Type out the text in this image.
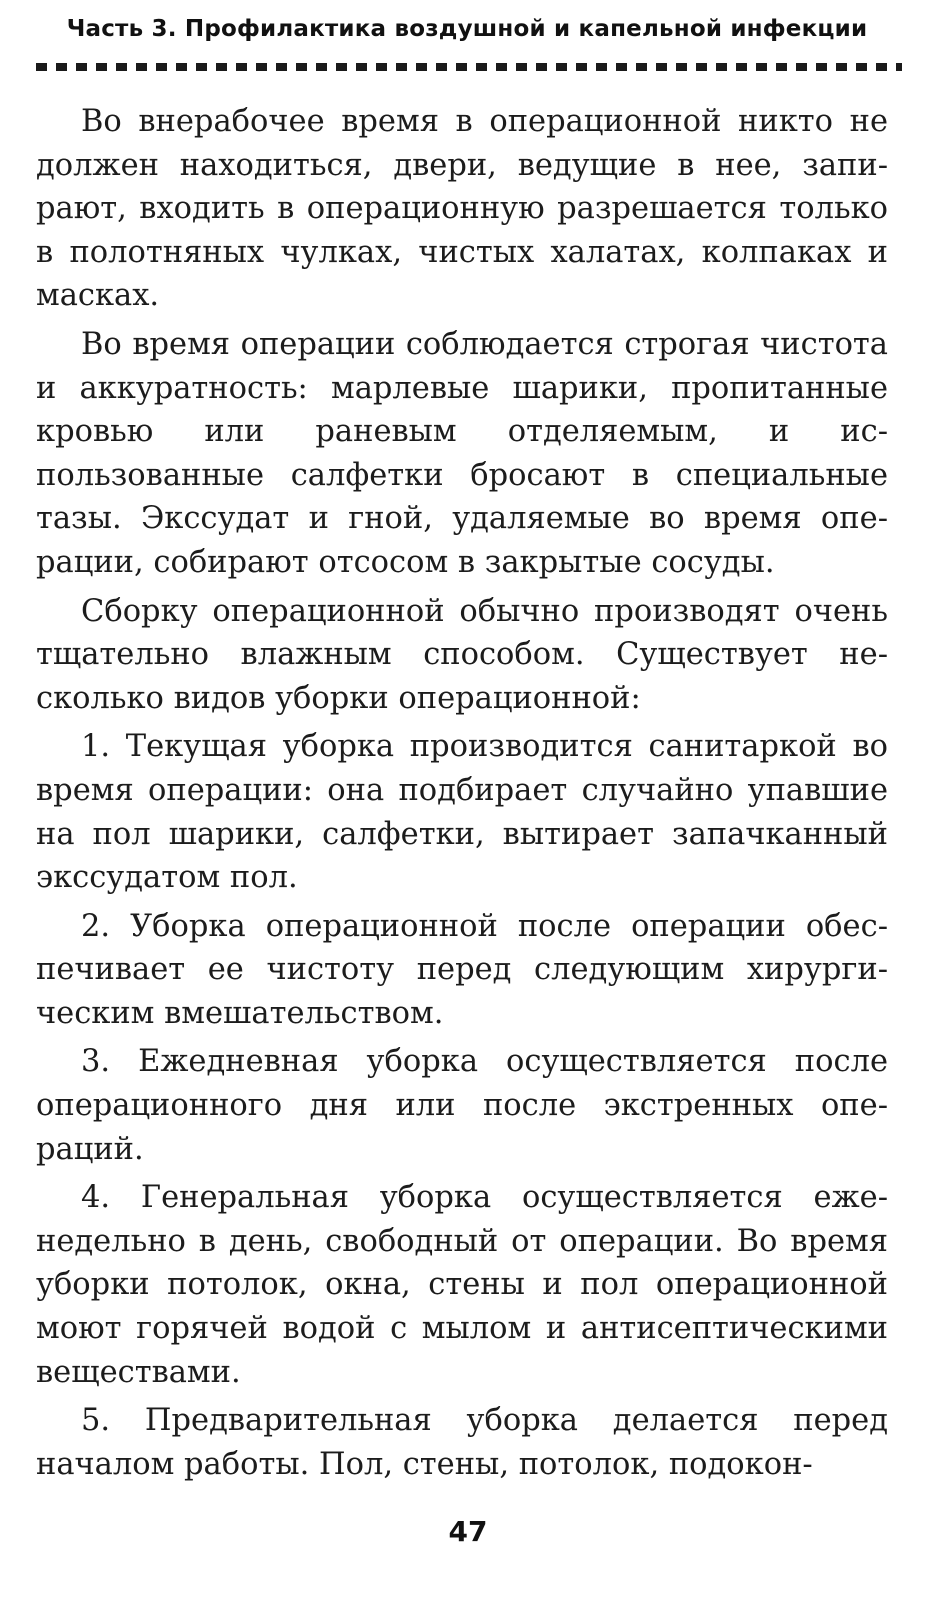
Часть 3. Профилактика воздушной и капельной инфекции

Во внерабочее время в операционной никто не должен находиться, двери, ведущие в нее, запирают, входить в операционную разрешается только в полотняных чулках, чистых халатах, колпаках и масках.

Во время операции соблюдается строгая чистота и аккуратность: марлевые шарики, пропитанные кровью или раневым отделяемым, и использованные салфетки бросают в специальные тазы. Экссудат и гной, удаляемые во время операции, собирают отсосом в закрытые сосуды.

Сборку операционной обычно производят очень тщательно влажным способом. Существует несколько видов уборки операционной:

1. Текущая уборка производится санитаркой во время операции: она подбирает случайно упавшие на пол шарики, салфетки, вытирает запачканный экссудатом пол.

2. Уборка операционной после операции обеспечивает ее чистоту перед следующим хирургическим вмешательством.

3. Ежедневная уборка осуществляется после операционного дня или после экстренных операций.

4. Генеральная уборка осуществляется еженедельно в день, свободный от операции. Во время уборки потолок, окна, стены и пол операционной моют горячей водой с мылом и антисептическими веществами.

5. Предварительная уборка делается перед началом работы. Пол, стены, потолок, подокон-

47
